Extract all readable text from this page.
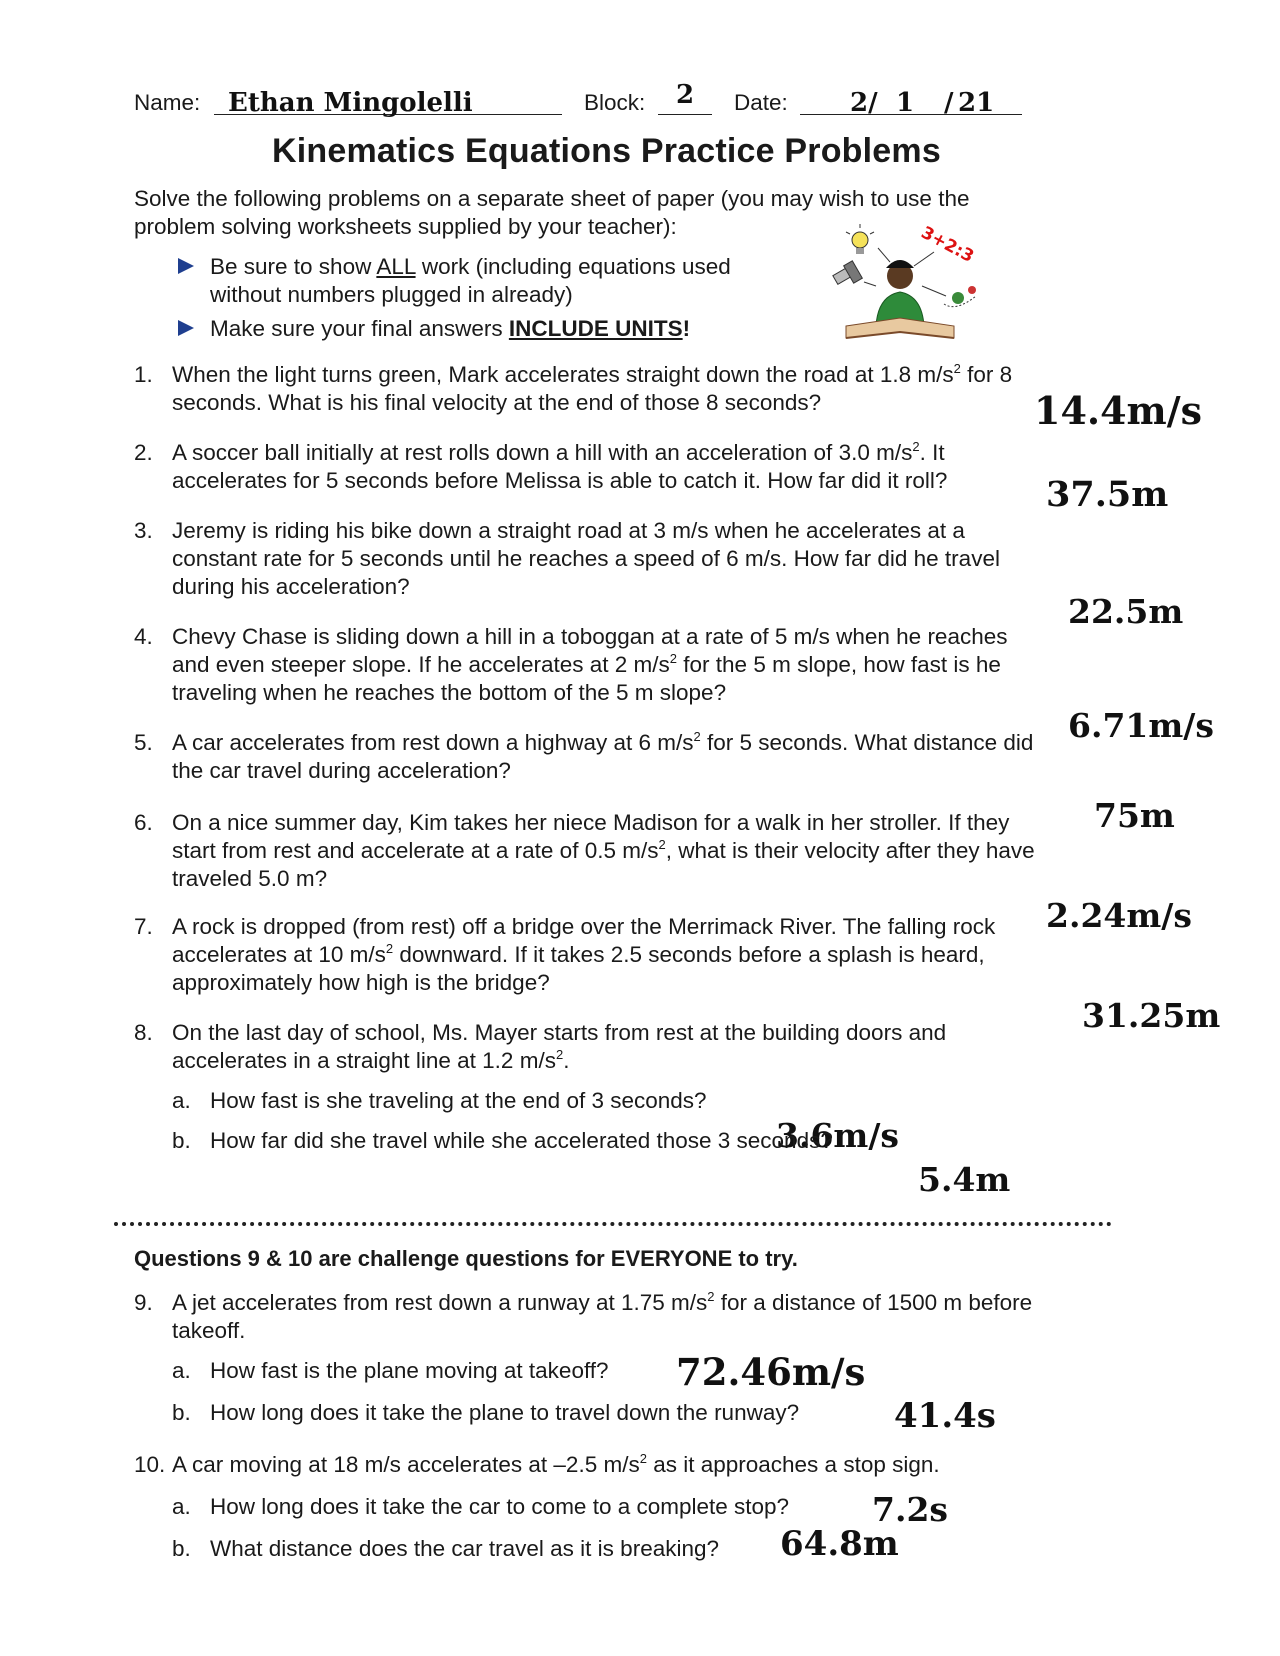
Name: Ethan Mingolelli	Block: 2 Date: 2/ 1 / 21
Kinematics Equations Practice Problems
Solve the following problems on a separate sheet of paper (you may wish to use the
problem solving worksheets supplied by your teacher):
Be sure to show ALL work (including equations used
without numbers plugged in already)
Make sure your final answers INCLUDE UNITS!
3+2:3
1. When the light turns green, Mark accelerates straight down the road at 1.8 $m/s^2$ for 8
seconds. What is his final velocity at the end of those 8 seconds?	14.4m/s
2. A soccer ball initially at rest rolls down a hill with an acceleration of 3.0 $m/s^2$. It
accelerates for 5 seconds before Melissa is able to catch it. How far did it roll?	37.5m
3. Jeremy is riding his bike down a straight road at 3 m/s when he accelerates at a
constant rate for 5 seconds until he reaches a speed of 6 m/s. How far did he travel
during his acceleration?
22.5m
4. Chevy Chase is sliding down a hill in a toboggan at a rate of 5 m/s when he reaches
and even steeper slope. If he accelerates at 2 $m/s^2$ for the 5 m slope, how fast is he
traveling when he reaches the bottom of the 5 m slope?
6.71m/s
5. A car accelerates from rest down a highway at 6 $m/s^2$ for 5 seconds. What distance did
the car travel during acceleration?
75m
6. On a nice summer day, Kim takes her niece Madison for a walk in her stroller. If they
start from rest and accelerate at a rate of 0.5 $m/s^2$, what is their velocity after they have
traveled 5.0 m?
2.24m/s
7. A rock is dropped (from rest) off a bridge over the Merrimack River. The falling rock
accelerates at 10 $m/s^2$ downward. If it takes 2.5 seconds before a splash is heard,
approximately how high is the bridge?
31.25m
8. On the last day of school, Ms. Mayer starts from rest at the building doors and
accelerates in a straight line at 1.2 $m/s^2$.
a. How fast is she traveling at the end of 3 seconds?
3.6m/s
b. How far did she travel while she accelerated those 3 seconds?
5.4m
Questions 9 & 10 are challenge questions for EVERYONE to try.
9. A jet accelerates from rest down a runway at 1.75 $m/s^2$ for a distance of 1500 m before
takeoff.
a. How fast is the plane moving at takeoff? 72.46m/s
b. How long does it take the plane to travel down the runway?	41.4s
10. A car moving at 18 m/s accelerates at –2.5 $m/s^2$ as it approaches a stop sign.
a. How long does it take the car to come to a complete stop?	7.2s
b. What distance does the car travel as it is breaking? 64.8m
